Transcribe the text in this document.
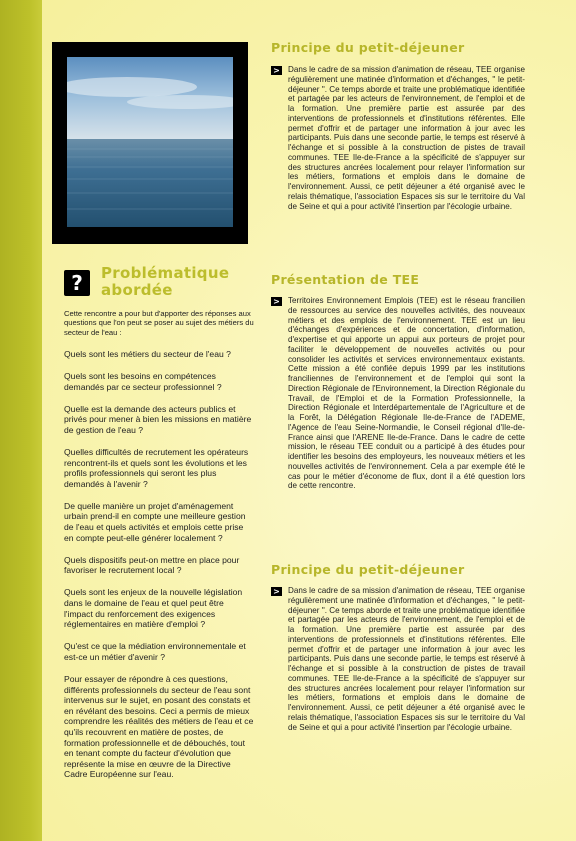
?	Problématique abordée

Cette rencontre a pour but d'apporter des réponses aux questions que l'on peut se poser au sujet des métiers du secteur de l'eau :

Quels sont les métiers du secteur de l'eau ?

Quels sont les besoins en compétences demandés par ce secteur professionnel ?

Quelle est la demande des acteurs publics et privés pour mener à bien les missions en matière de gestion de l'eau ?

Quelles difficultés de recrutement les opérateurs rencontrent-ils et quels sont les évolutions et les profils professionnels qui seront les plus demandés à l'avenir ?

De quelle manière un projet d'aménagement urbain prend-il en compte une meilleure gestion de l'eau et quels activités et emplois cette prise en compte peut-elle générer localement ?

Quels dispositifs peut-on mettre en place pour favoriser le recrutement local ?

Quels sont les enjeux de la nouvelle législation dans le domaine de l'eau et quel peut être l'impact du renforcement des exigences réglementaires en matière d'emploi ?

Qu'est ce que la médiation environnementale et est-ce un métier d'avenir ?

Pour essayer de répondre à ces questions, différents professionnels du secteur de l'eau sont intervenus sur le sujet, en posant des constats et en révélant des besoins. Ceci a permis de mieux comprendre les réalités des métiers de l'eau et ce qu'ils recouvrent en matière de postes, de formation professionnelle et de débouchés, tout en tenant compte du facteur d'évolution que représente la mise en œuvre de la Directive Cadre Européenne sur l'eau.

Principe du petit-déjeuner
> Dans le cadre de sa mission d'animation de réseau, TEE organise régulièrement une matinée d'information et d'échanges, " le petit-déjeuner ". Ce temps aborde et traite une problématique identifiée et partagée par les acteurs de l'environnement, de l'emploi et de la formation. Une première partie est assurée par des interventions de professionnels et d'institutions référentes. Elle permet d'offrir et de partager une information à jour avec les participants. Puis dans une seconde partie, le temps est réservé à l'échange et si possible à la construction de pistes de travail communes. TEE Ile-de-France a la spécificité de s'appuyer sur des structures ancrées localement pour relayer l'information sur les métiers, formations et emplois dans le domaine de l'environnement. Aussi, ce petit déjeuner a été organisé avec le relais thématique, l'association Espaces sis sur le territoire du Val de Seine et qui a pour activité l'insertion par l'écologie urbaine.
Présentation de TEE
> Territoires Environnement Emplois (TEE) est le réseau francilien de ressources au service des nouvelles activités, des nouveaux métiers et des emplois de l'environnement. TEE est un lieu d'échanges d'expériences et de concertation, d'information, d'expertise et qui apporte un appui aux porteurs de projet pour faciliter le développement de nouvelles activités ou pour consolider les activités et services environnementaux existants. Cette mission a été confiée depuis 1999 par les institutions franciliennes de l'environnement et de l'emploi qui sont la Direction Régionale de l'Environnement, la Direction Régionale du Travail, de l'Emploi et de la Formation Professionnelle, la Direction Régionale et Interdépartementale de l'Agriculture et de la Forêt, la Délégation Régionale Ile-de-France de l'ADEME, l'Agence de l'eau Seine-Normandie, le Conseil régional d'Ile-de-France ainsi que l'ARENE Ile-de-France. Dans le cadre de cette mission, le réseau TEE conduit ou a participé à des études pour identifier les besoins des employeurs, les nouveaux métiers et les nouvelles activités de l'environnement. Cela a par exemple été le cas pour le métier d'économe de flux, dont il a été question lors de cette rencontre.
Principe du petit-déjeuner
> Dans le cadre de sa mission d'animation de réseau, TEE organise régulièrement une matinée d'information et d'échanges, " le petit-déjeuner ". Ce temps aborde et traite une problématique identifiée et partagée par les acteurs de l'environnement, de l'emploi et de la formation. Une première partie est assurée par des interventions de professionnels et d'institutions référentes. Elle permet d'offrir et de partager une information à jour avec les participants. Puis dans une seconde partie, le temps est réservé à l'échange et si possible à la construction de pistes de travail communes. TEE Ile-de-France a la spécificité de s'appuyer sur des structures ancrées localement pour relayer l'information sur les métiers, formations et emplois dans le domaine de l'environnement. Aussi, ce petit déjeuner a été organisé avec le relais thématique, l'association Espaces sis sur le territoire du Val de Seine et qui a pour activité l'insertion par l'écologie urbaine.
